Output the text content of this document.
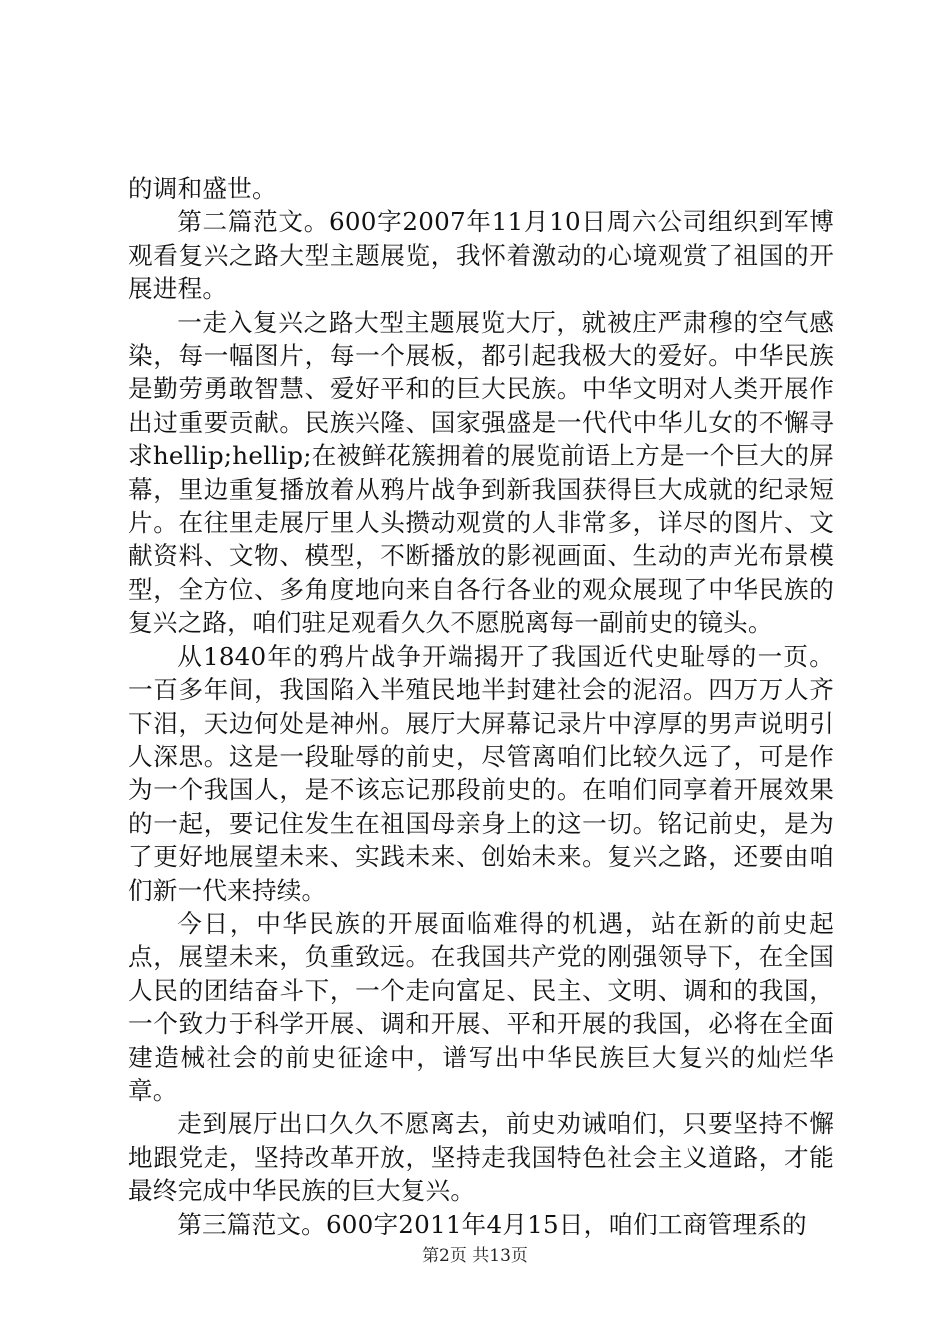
的调和盛世。

第二篇范文。600字2007年11月10日周六公司组织到军博观看复兴之路大型主题展览，我怀着激动的心境观赏了祖国的开展进程。

一走入复兴之路大型主题展览大厅，就被庄严肃穆的空气感染，每一幅图片，每一个展板，都引起我极大的爱好。中华民族是勤劳勇敢智慧、爱好平和的巨大民族。中华文明对人类开展作出过重要贡献。民族兴隆、国家强盛是一代代中华儿女的不懈寻求hellip;hellip;在被鲜花簇拥着的展览前语上方是一个巨大的屏幕，里边重复播放着从鸦片战争到新我国获得巨大成就的纪录短片。在往里走展厅里人头攒动观赏的人非常多，详尽的图片、文献资料、文物、模型，不断播放的影视画面、生动的声光布景模型，全方位、多角度地向来自各行各业的观众展现了中华民族的复兴之路，咱们驻足观看久久不愿脱离每一副前史的镜头。

从1840年的鸦片战争开端揭开了我国近代史耻辱的一页。一百多年间，我国陷入半殖民地半封建社会的泥沼。四万万人齐下泪，天边何处是神州。展厅大屏幕记录片中淳厚的男声说明引人深思。这是一段耻辱的前史，尽管离咱们比较久远了，可是作为一个我国人，是不该忘记那段前史的。在咱们同享着开展效果的一起，要记住发生在祖国母亲身上的这一切。铭记前史，是为了更好地展望未来、实践未来、创始未来。复兴之路，还要由咱们新一代来持续。

今日，中华民族的开展面临难得的机遇，站在新的前史起点，展望未来，负重致远。在我国共产党的刚强领导下，在全国人民的团结奋斗下，一个走向富足、民主、文明、调和的我国，一个致力于科学开展、调和开展、平和开展的我国，必将在全面建造械社会的前史征途中，谱写出中华民族巨大复兴的灿烂华章。

走到展厅出口久久不愿离去，前史劝诫咱们，只要坚持不懈地跟党走，坚持改革开放，坚持走我国特色社会主义道路，才能最终完成中华民族的巨大复兴。

第三篇范文。600字2011年4月15日，咱们工商管理系的

第2页 共13页
